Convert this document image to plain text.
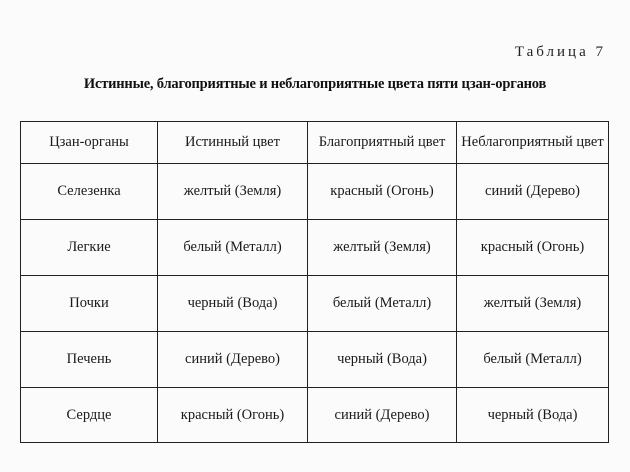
Таблица 7
Истинные, благоприятные и неблагоприятные цвета пяти цзан-органов
Цзан-органы	Истинный цвет	Благоприятный цвет	Неблагоприятный цвет
Селезенка	желтый (Земля)	красный (Огонь)	синий (Дерево)
Легкие	белый (Металл)	желтый (Земля)	красный (Огонь)
Почки	черный (Вода)	белый (Металл)	желтый (Земля)
Печень	синий (Дерево)	черный (Вода)	белый (Металл)
Сердце	красный (Огонь)	синий (Дерево)	черный (Вода)
